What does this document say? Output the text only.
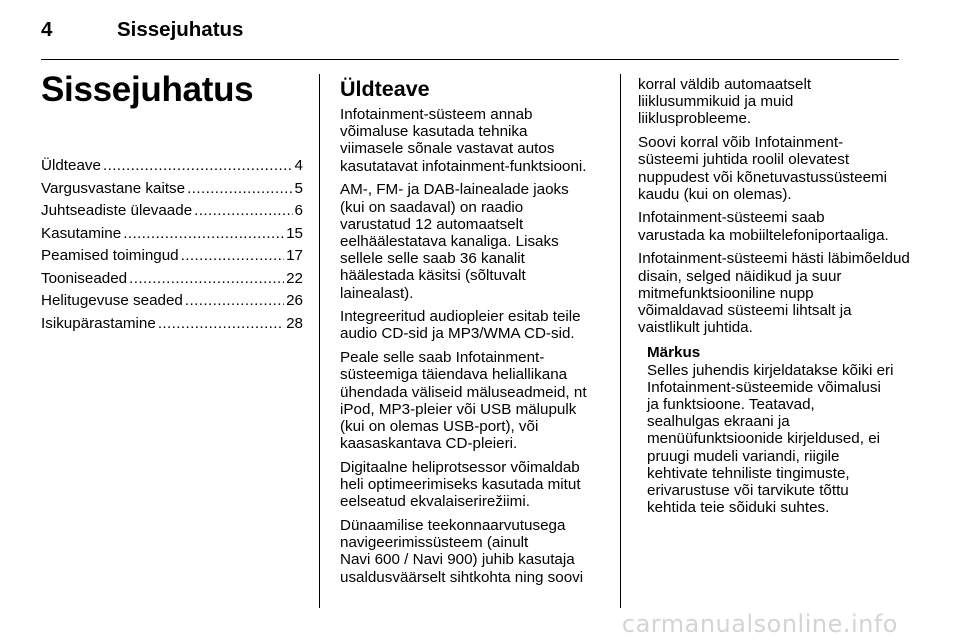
4	Sissejuhatus
Sissejuhatus
Üldteave .....	4
Vargusvastane kaitse .....	5
Juhtseadiste ülevaade .....	6
Kasutamine .....	15
Peamised toimingud .....	17
Tooniseaded .....	22
Helitugevuse seaded .....	26
Isikupärastamine .....	28
Üldteave

Infotainment-süsteem annab
võimaluse kasutada tehnika
viimasele sõnale vastavat autos
kasutatavat infotainment-funktsiooni.

AM-, FM- ja DAB-lainealade jaoks
(kui on saadaval) on raadio
varustatud 12 automaatselt
eelhäälestatava kanaliga. Lisaks
sellele selle saab 36 kanalit
häälestada käsitsi (sõltuvalt
lainealast).

Integreeritud audiopleier esitab teile
audio CD-sid ja MP3/WMA CD-sid.

Peale selle saab Infotainment-
süsteemiga täiendava heliallikana
ühendada väliseid mäluseadmeid, nt
iPod, MP3-pleier või USB mälupulk
(kui on olemas USB-port), või
kaasaskantava CD-pleieri.

Digitaalne heliprotsessor võimaldab
heli optimeerimiseks kasutada mitut
eelseatud ekvalaiserirežiimi.

Dünaamilise teekonnaarvutusega
navigeerimissüsteem (ainult
Navi 600 / Navi 900) juhib kasutaja
usaldusväärselt sihtkohta ning soovi

korral väldib automaatselt
liiklusummikuid ja muid
liiklusprobleeme.

Soovi korral võib Infotainment-
süsteemi juhtida roolil olevatest
nuppudest või kõnetuvastussüsteemi
kaudu (kui on olemas).

Infotainment-süsteemi saab
varustada ka mobiiltelefoniportaaliga.

Infotainment-süsteemi hästi läbimõeldud
disain, selged näidikud ja suur
mitmefunktsiooniline nupp
võimaldavad süsteemi lihtsalt ja
vaistlikult juhtida.

Märkus

Selles juhendis kirjeldatakse kõiki eri
Infotainment-süsteemide võimalusi
ja funktsioone. Teatavad,
sealhulgas ekraani ja
menüüfunktsioonide kirjeldused, ei
pruugi mudeli variandi, riigile
kehtivate tehniliste tingimuste,
erivarustuse või tarvikute tõttu
kehtida teie sõiduki suhtes.

carmanualsonline.info
